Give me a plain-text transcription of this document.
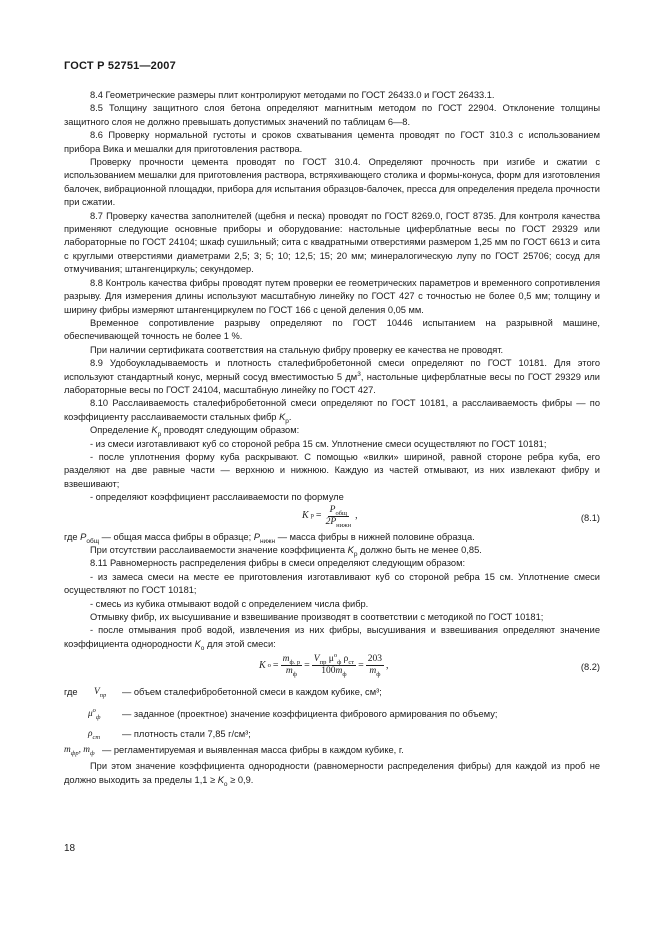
ГОСТ Р 52751—2007

8.4 Геометрические размеры плит контролируют методами по ГОСТ 26433.0 и ГОСТ 26433.1.

8.5 Толщину защитного слоя бетона определяют магнитным методом по ГОСТ 22904. Отклонение толщины защитного слоя не должно превышать допустимых значений по таблицам 6—8.

8.6 Проверку нормальной густоты и сроков схватывания цемента проводят по ГОСТ 310.3 с использованием прибора Вика и мешалки для приготовления раствора.

Проверку прочности цемента проводят по ГОСТ 310.4. Определяют прочность при изгибе и сжатии с использованием мешалки для приготовления раствора, встряхивающего столика и формы-конуса, форм для изготовления балочек, вибрационной площадки, прибора для испытания образцов-балочек, пресса для определения предела прочности при сжатии.

8.7 Проверку качества заполнителей (щебня и песка) проводят по ГОСТ 8269.0, ГОСТ 8735. Для контроля качества применяют следующие основные приборы и оборудование: настольные циферблатные весы по ГОСТ 29329 или лабораторные по ГОСТ 24104; шкаф сушильный; сита с квадратными отверстиями размером 1,25 мм по ГОСТ 6613 и сита с круглыми отверстиями диаметрами 2,5; 3; 5; 10; 12,5; 15; 20 мм; минералогическую лупу по ГОСТ 25706; сосуд для отмучивания; штангенциркуль; секундомер.

8.8 Контроль качества фибры проводят путем проверки ее геометрических параметров и временного сопротивления разрыву. Для измерения длины используют масштабную линейку по ГОСТ 427 с точностью не более 0,5 мм; толщину и ширину фибры измеряют штангенциркулем по ГОСТ 166 с ценой деления 0,05 мм.

Временное сопротивление разрыву определяют по ГОСТ 10446 испытанием на разрывной машине, обеспечивающей точность не более 1 %.

При наличии сертификата соответствия на стальную фибру проверку ее качества не проводят.

8.9 Удобоукладываемость и плотность сталефибробетонной смеси определяют по ГОСТ 10181. Для этого используют стандартный конус, мерный сосуд вместимостью 5 $дм^3$, настольные циферблатные весы по ГОСТ 29329 или лабораторные весы по ГОСТ 24104, масштабную линейку по ГОСТ 427.

8.10 Расслаиваемость сталефибробетонной смеси определяют по ГОСТ 10181, а расслаиваемость фибры — по коэффициенту расслаиваемости стальных фибр $K_р$.

Определение $K_р$ проводят следующим образом:

- из смеси изготавливают куб со стороной ребра 15 см. Уплотнение смеси осуществляют по ГОСТ 10181;

- после уплотнения форму куба раскрывают. С помощью «вилки» шириной, равной стороне ребра куба, его разделяют на две равные части — верхнюю и нижнюю. Каждую из частей отмывают, из них извлекают фибру и взвешивают;

- определяют коэффициент расслаиваемости по формуле

K $р = \frac{P_{общ}}{2P_{нижн}}$ ,	(8.1)

где $P_{общ}$ — общая масса фибры в образце; $P_{нижн}$ — масса фибры в нижней половине образца.

При отсутствии расслаиваемости значение коэффициента $K_р$ должно быть не менее 0,85.

8.11 Равномерность распределения фибры в смеси определяют следующим образом:

- из замеса смеси на месте ее приготовления изготавливают куб со стороной ребра 15 см. Уплотнение смеси осуществляют по ГОСТ 10181;

- смесь из кубика отмывают водой с определением числа фибр.

Отмывку фибр, их высушивание и взвешивание производят в соответствии с методикой по ГОСТ 10181;

- после отмывания проб водой, извлечения из них фибры, высушивания и взвешивания определяют значение коэффициента однородности $K_о$ для этой смеси:

K $о = \frac{m_{ф. р}}{m_ф} = \frac{V_{пр} \mu^о_ф \rho_{ст}}{100m_ф} = \frac{203}{m_ф}$ ,	(8.2)
где $V_{пр}$ — объем сталефибробетонной смеси в каждом кубике, см³;
$\mu^о_ф$ — заданное (проектное) значение коэффициента фибрового армирования по объему;
$\rho_{ст}$ — плотность стали 7,85 г/см³;
$m_{фр}$, $m_ф$ — регламентируемая и выявленная масса фибры в каждом кубике, г.

При этом значение коэффициента однородности (равномерности распределения фибры) для каждой из проб не должно выходить за пределы $1,1 \ge K_о \ge 0,9$.

18
